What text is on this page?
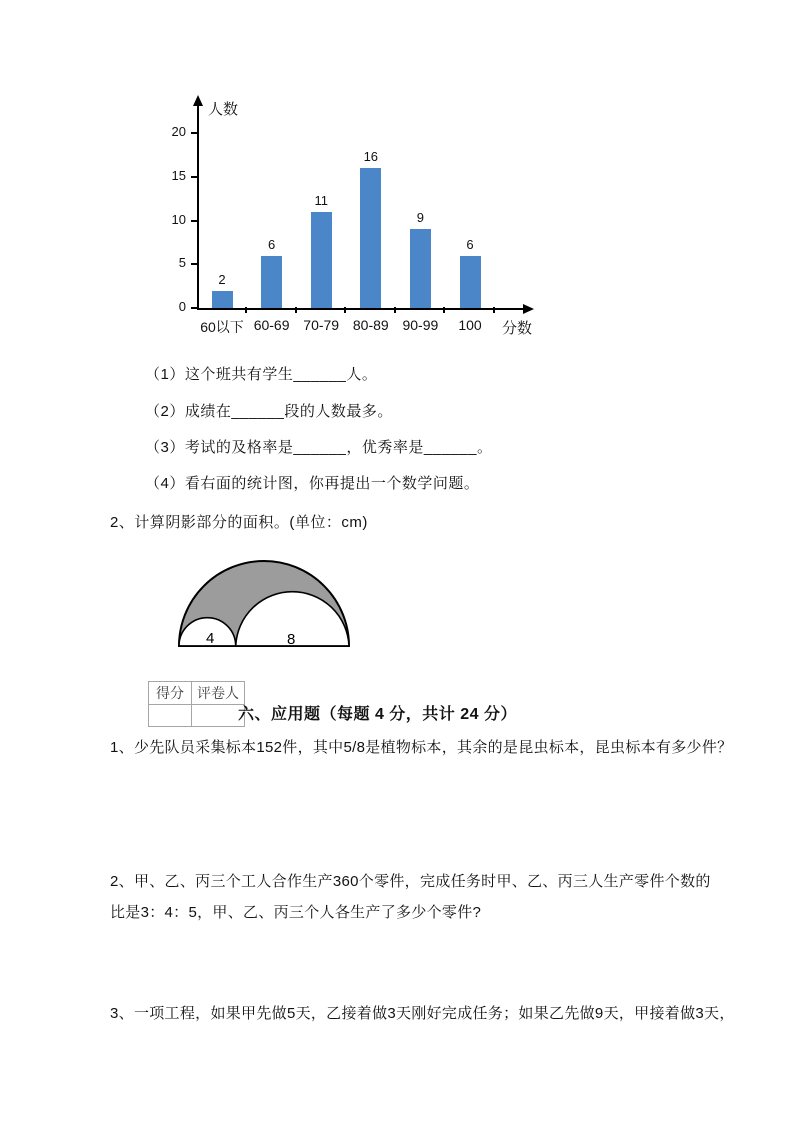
人数
分数
2
60以下
6
60-69
11
70-79
16
80-89
9
90-99
6
100
0
5
10
15
20
（1）这个班共有学生______人。
（2）成绩在______段的人数最多。
（3）考试的及格率是______，优秀率是______。
（4）看右面的统计图，你再提出一个数学问题。
2、计算阴影部分的面积。(单位：cm)
4	8
得分	评卷人

六、应用题（每题 4 分，共计 24 分）
1、少先队员采集标本152件，其中5/8是植物标本，其余的是昆虫标本，昆虫标本有多少件？
2、甲、乙、丙三个工人合作生产360个零件，完成任务时甲、乙、丙三人生产零件个数的
比是3：4：5，甲、乙、丙三个人各生产了多少个零件?
3、一项工程，如果甲先做5天，乙接着做3天刚好完成任务；如果乙先做9天，甲接着做3天，
